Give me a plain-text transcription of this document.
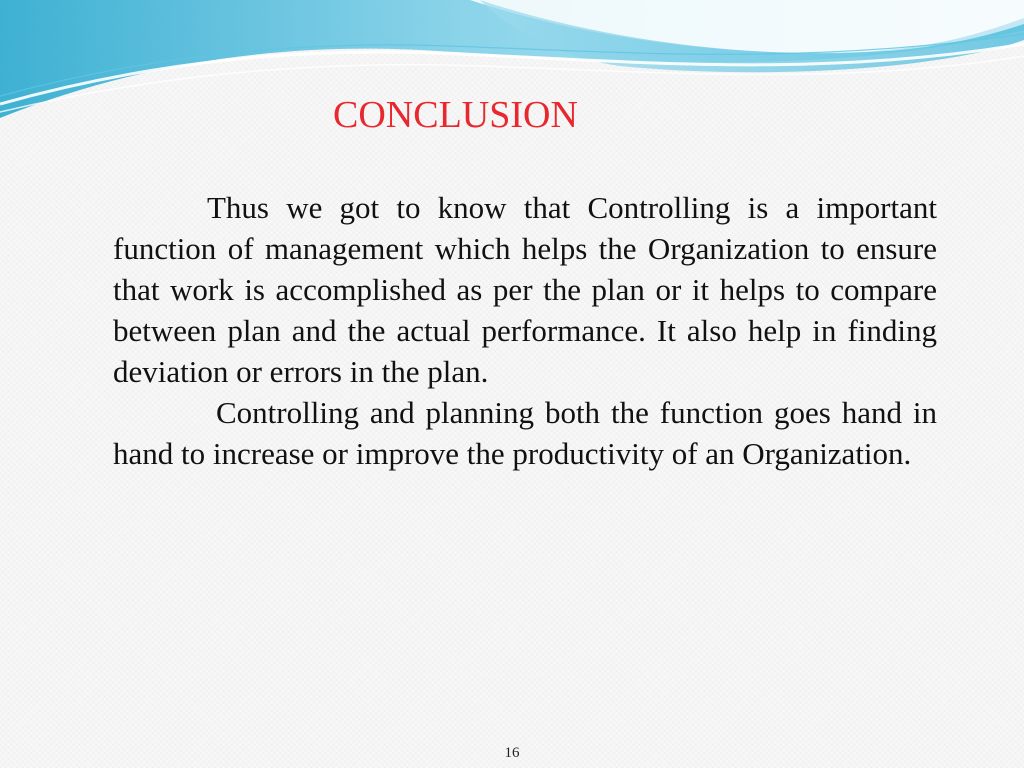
CONCLUSION

Thus we got to know that Controlling is a important function of management which helps the Organization to ensure that work is accomplished as per the plan or it helps to compare between plan and the actual performance. It also help in finding deviation or errors in the plan.

Controlling and planning both the function goes hand in hand to increase or improve the productivity of an Organization.

16
